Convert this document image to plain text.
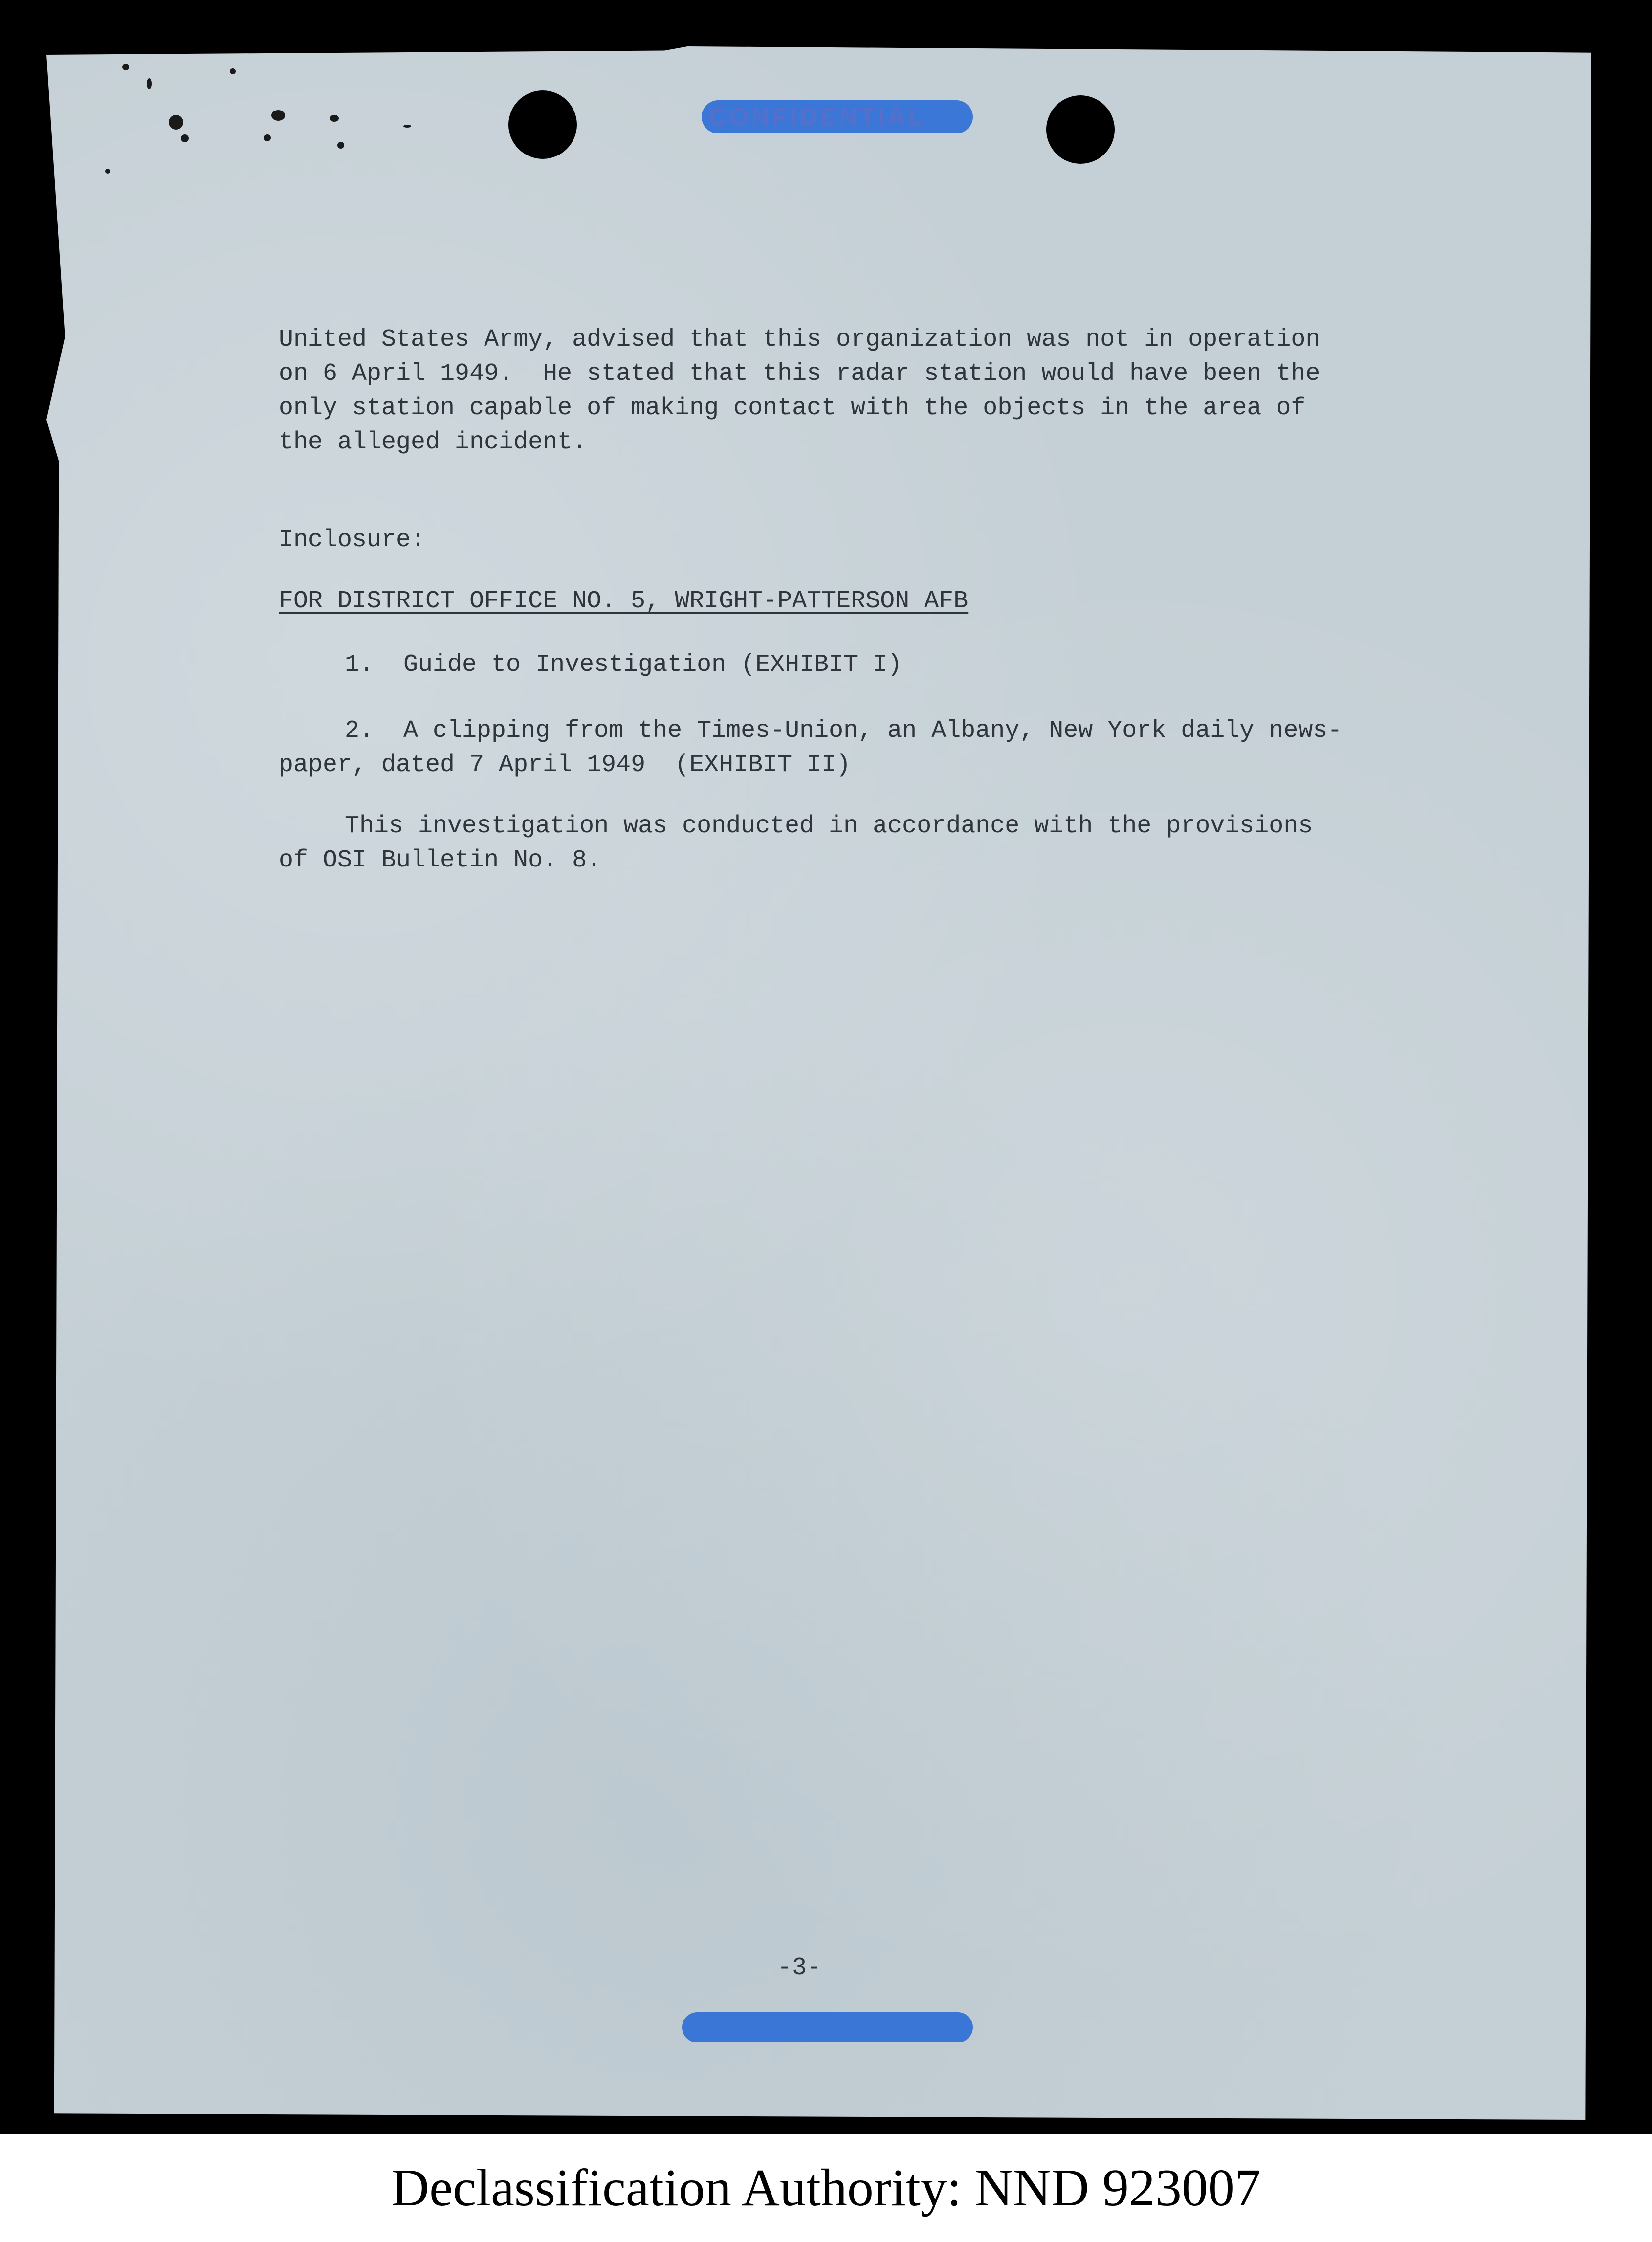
CONFIDENTIAL
United States Army, advised that this organization was not in operation
on 6 April 1949.  He stated that this radar station would have been the
only station capable of making contact with the objects in the area of
the alleged incident.
Inclosure:
FOR DISTRICT OFFICE NO. 5, WRIGHT-PATTERSON AFB
1.  Guide to Investigation (EXHIBIT I)
2.  A clipping from the Times-Union, an Albany, New York daily news-
paper, dated 7 April 1949  (EXHIBIT II)
This investigation was conducted in accordance with the provisions
of OSI Bulletin No. 8.
-3-
Declassification Authority: NND 923007
